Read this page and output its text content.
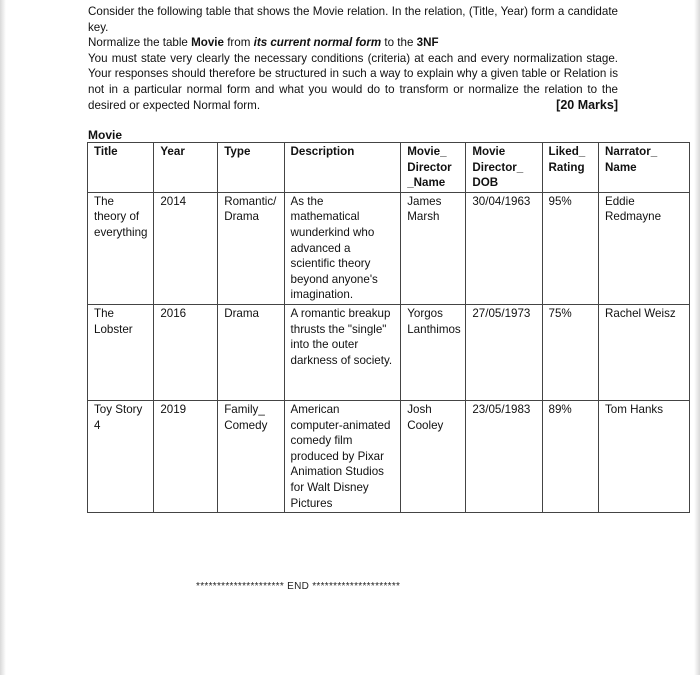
Consider the following table that shows the Movie relation. In the relation, (Title, Year) form a candidate key.

Normalize the table Movie from its current normal form to the 3NF

You must state very clearly the necessary conditions (criteria) at each and every normalization stage. Your responses should therefore be structured in such a way to explain why a given table or Relation is not in a particular normal form and what you would do to transform or normalize the relation to the desired or expected Normal form.	[20 Marks]
Movie
Title	Year	Type	Description	Movie_ Director _Name	Movie Director_ DOB	Liked_ Rating	Narrator_ Name
The theory of everything	2014	Romantic/ Drama	As the mathematical wunderkind who advanced a scientific theory beyond anyone's imagination.	James Marsh	30/04/1963	95%	Eddie Redmayne
The Lobster	2016	Drama	A romantic breakup thrusts the "single" into the outer darkness of society.	Yorgos Lanthimos	27/05/1973	75%	Rachel Weisz
Toy Story 4	2019	Family_ Comedy	American computer-animated comedy film produced by Pixar Animation Studios for Walt Disney Pictures	Josh Cooley	23/05/1983	89%	Tom Hanks
********************* END *********************
